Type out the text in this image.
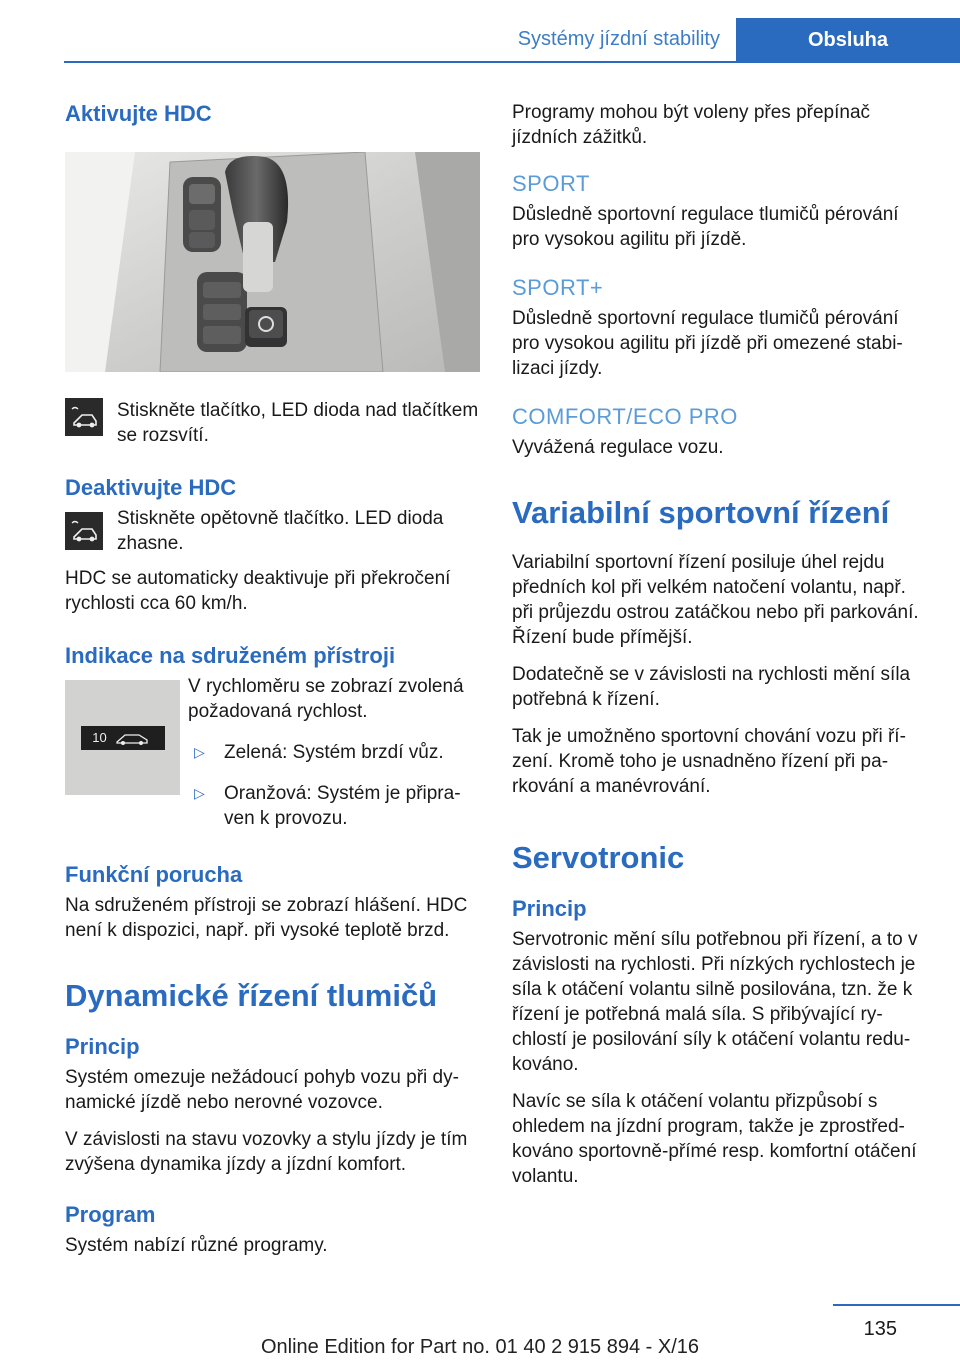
Systémy jízdní stability	Obsluha
Aktivujte HDC
Stiskněte tlačítko, LED dioda nad tlačítkem se rozsvítí.
Deaktivujte HDC
Stiskněte opětovně tlačítko. LED dioda zhasne.
HDC se automaticky deaktivuje při překročení rychlosti cca 60 km/h.
Indikace na sdruženém přístroji
10
V rychloměru se zobrazí zvolená požadovaná rychlost.
▷	Zelená: Systém brzdí vůz.
▷	Oranžová: Systém je připraven k provozu.
Funkční porucha
Na sdruženém přístroji se zobrazí hlášení. HDC není k dispozici, např. při vysoké teplotě brzd.
Dynamické řízení tlumičů
Princip
Systém omezuje nežádoucí pohyb vozu při dynamické jízdě nebo nerovné vozovce.
V závislosti na stavu vozovky a stylu jízdy je tím zvýšena dynamika jízdy a jízdní komfort.
Program
Systém nabízí různé programy.
Programy mohou být voleny přes přepínač jízdních zážitků.
SPORT
Důsledně sportovní regulace tlumičů pérování pro vysokou agilitu při jízdě.
SPORT+
Důsledně sportovní regulace tlumičů pérování pro vysokou agilitu při jízdě při omezené stabilizaci jízdy.
COMFORT/ECO PRO
Vyvážená regulace vozu.
Variabilní sportovní řízení
Variabilní sportovní řízení posiluje úhel rejdu předních kol při velkém natočení volantu, např. při průjezdu ostrou zatáčkou nebo při parkování. Řízení bude přímější.
Dodatečně se v závislosti na rychlosti mění síla potřebná k řízení.
Tak je umožněno sportovní chování vozu při řízení. Kromě toho je usnadněno řízení při parkování a manévrování.
Servotronic
Princip
Servotronic mění sílu potřebnou při řízení, a to v závislosti na rychlosti. Při nízkých rychlostech je síla k otáčení volantu silně posilována, tzn. že k řízení je potřebná malá síla. S přibývající rychlostí je posilování síly k otáčení volantu redukováno.
Navíc se síla k otáčení volantu přizpůsobí s ohledem na jízdní program, takže je zprostředkováno sportovně-přímé resp. komfortní otáčení volantu.
135
Online Edition for Part no. 01 40 2 915 894 - X/16
